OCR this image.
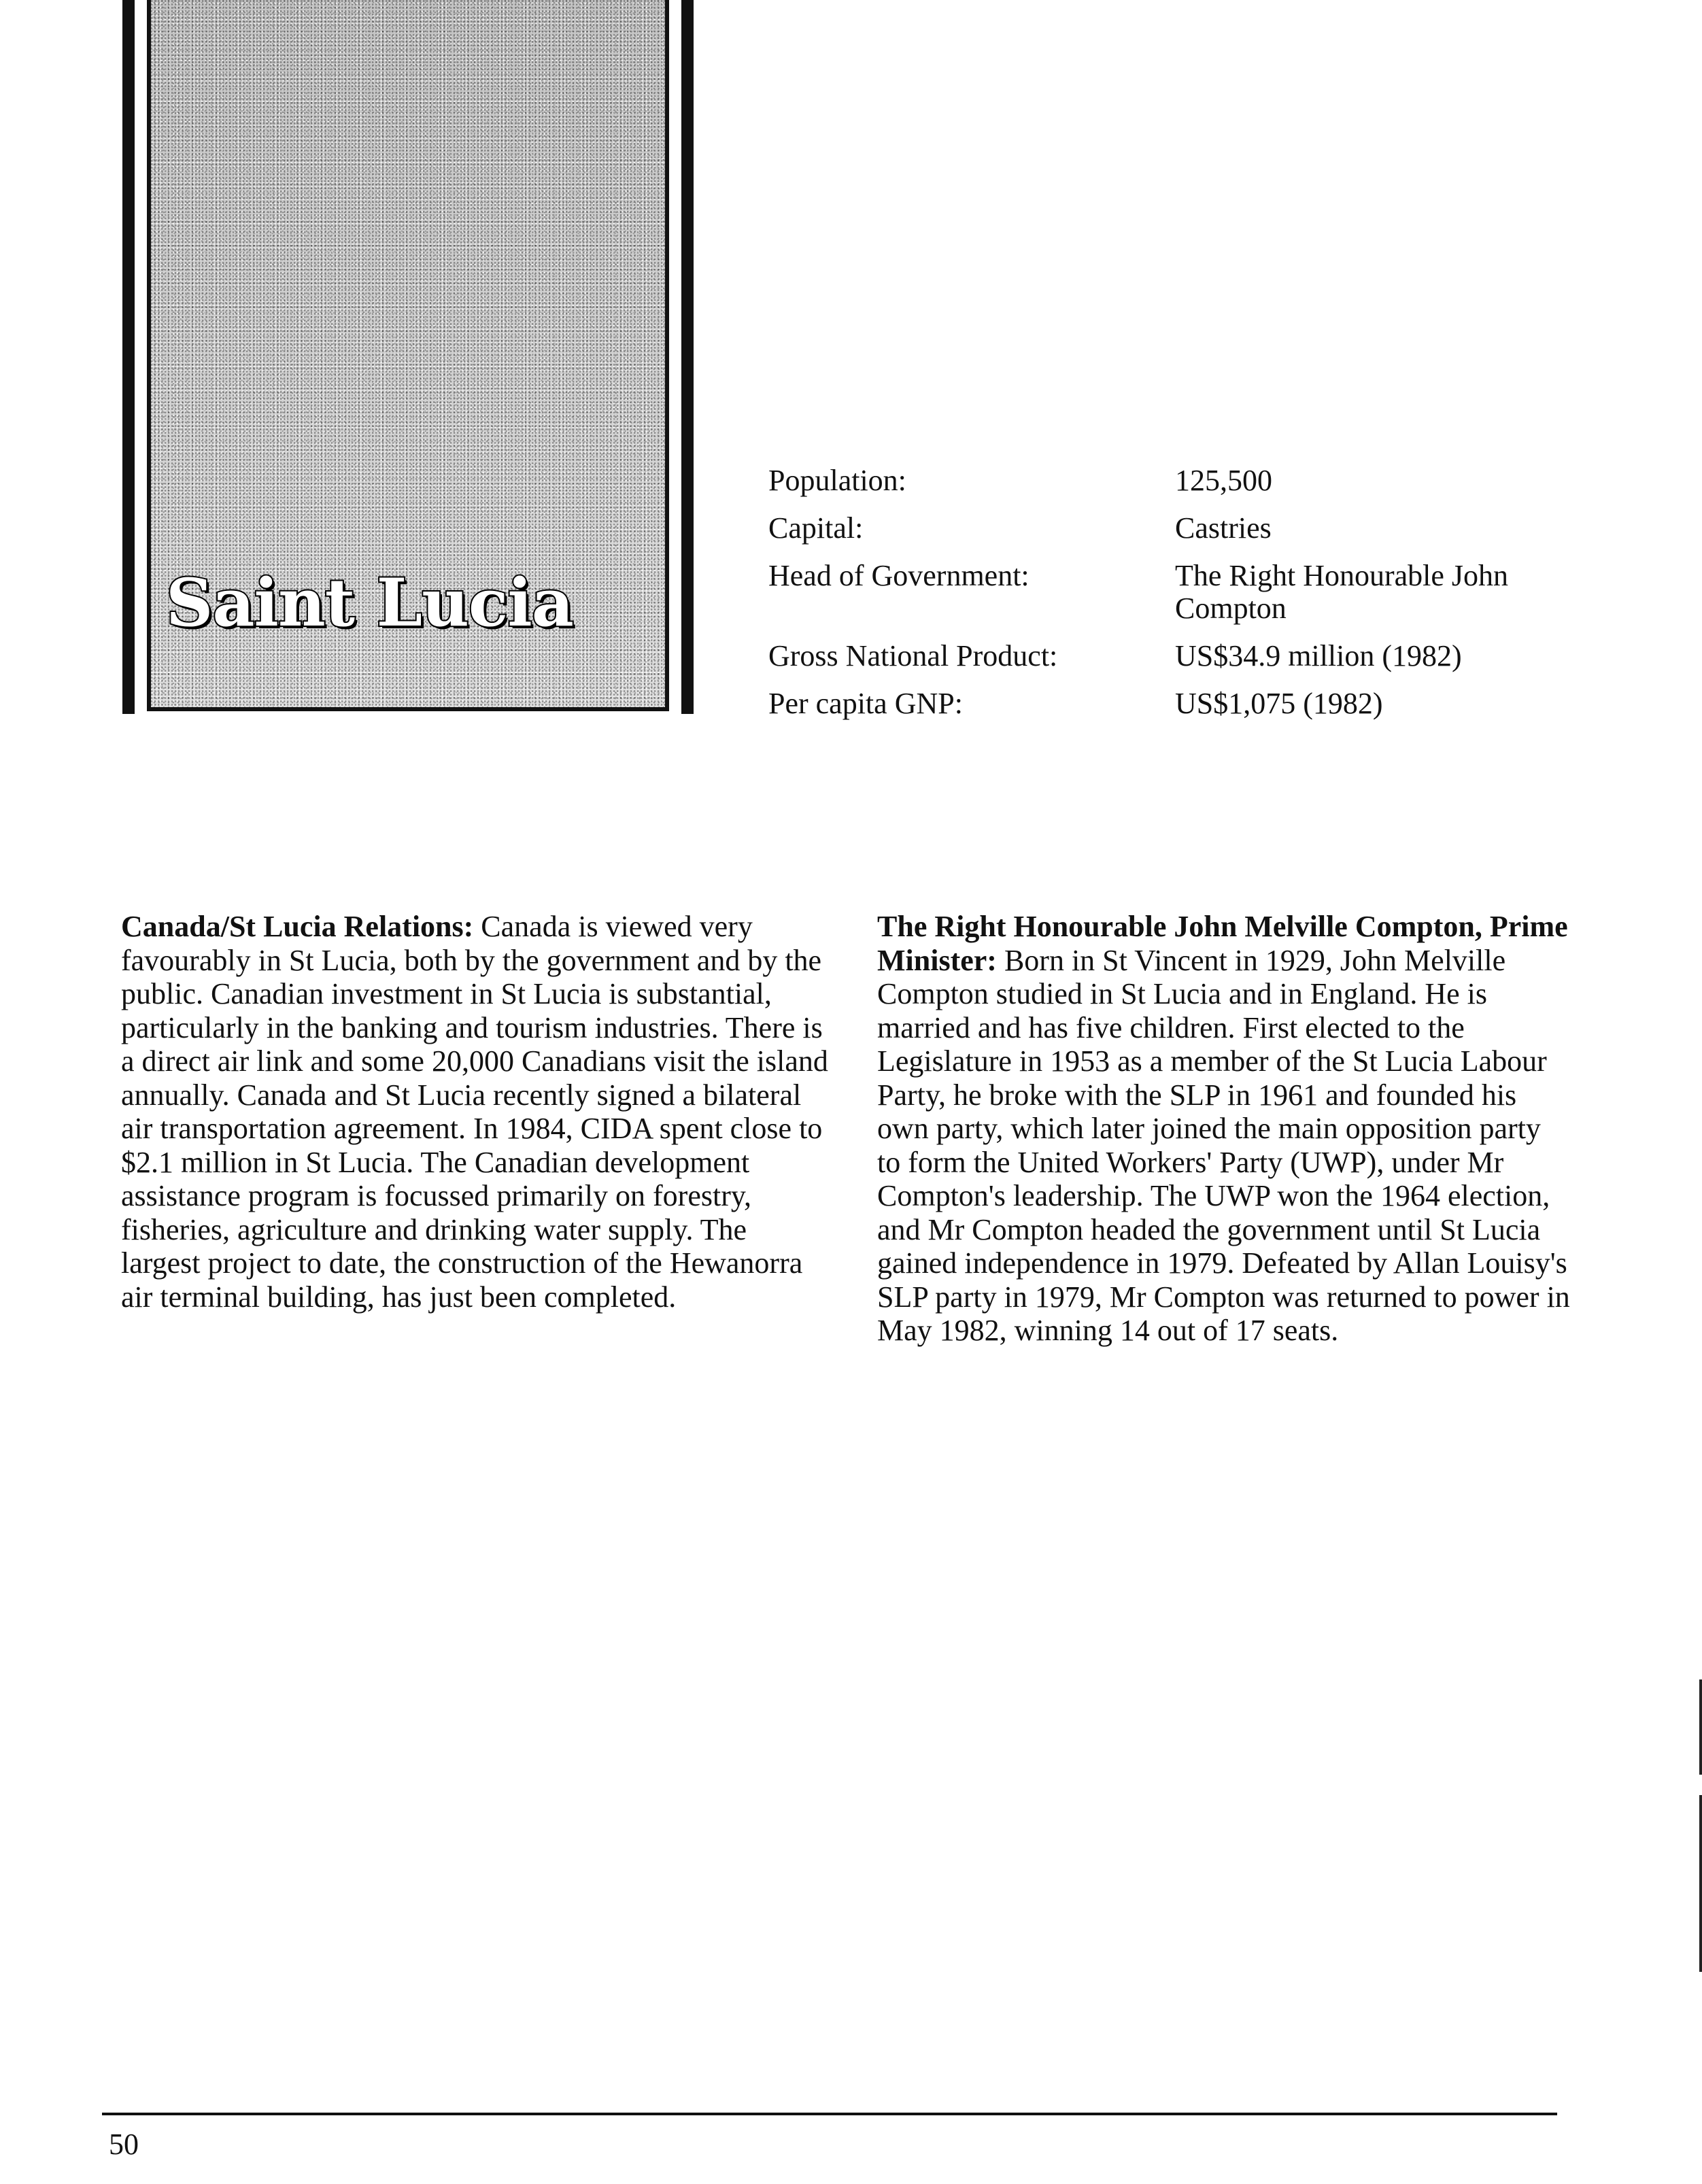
Saint Lucia
Population:	125,500
Capital:	Castries
Head of Government:	The Right Honourable John Compton
Gross National Product:	US$34.9 million (1982)
Per capita GNP:	US$1,075 (1982)

Canada/St Lucia Relations: Canada is viewed very favourably in St Lucia, both by the government and by the public. Canadian investment in St Lucia is substantial, particularly in the banking and tourism industries. There is a direct air link and some 20,000 Canadians visit the island annually. Canada and St Lucia recently signed a bilateral air transportation agreement. In 1984, CIDA spent close to $2.1 million in St Lucia. The Canadian development assistance program is focussed primarily on forestry, fisheries, agriculture and drinking water supply. The largest project to date, the construction of the Hewanorra air terminal building, has just been completed.

The Right Honourable John Melville Compton, Prime Minister: Born in St Vincent in 1929, John Melville Compton studied in St Lucia and in England. He is married and has five children. First elected to the Legislature in 1953 as a member of the St Lucia Labour Party, he broke with the SLP in 1961 and founded his own party, which later joined the main opposition party to form the United Workers' Party (UWP), under Mr Compton's leadership. The UWP won the 1964 election, and Mr Compton headed the government until St Lucia gained independence in 1979. Defeated by Allan Louisy's SLP party in 1979, Mr Compton was returned to power in May 1982, winning 14 out of 17 seats.

50
